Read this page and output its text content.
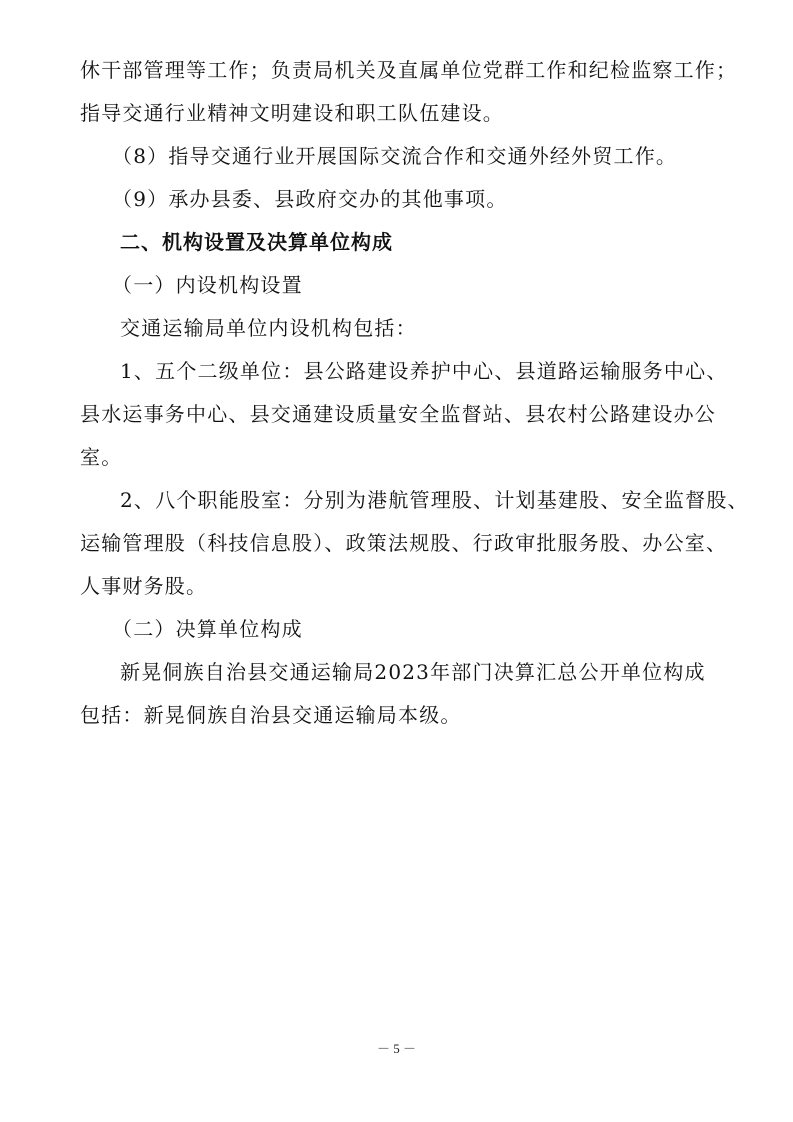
休干部管理等工作；负责局机关及直属单位党群工作和纪检监察工作；
指导交通行业精神文明建设和职工队伍建设。
（8）指导交通行业开展国际交流合作和交通外经外贸工作。
（9）承办县委、县政府交办的其他事项。
二、机构设置及决算单位构成
（一）内设机构设置
交通运输局单位内设机构包括：
1、五个二级单位：县公路建设养护中心、县道路运输服务中心、
县水运事务中心、县交通建设质量安全监督站、县农村公路建设办公
室。
2、八个职能股室：分别为港航管理股、计划基建股、安全监督股、
运输管理股（科技信息股）、政策法规股、行政审批服务股、办公室、
人事财务股。
（二）决算单位构成
新晃侗族自治县交通运输局2023年部门决算汇总公开单位构成
包括：新晃侗族自治县交通运输局本级。
－ 5 －
